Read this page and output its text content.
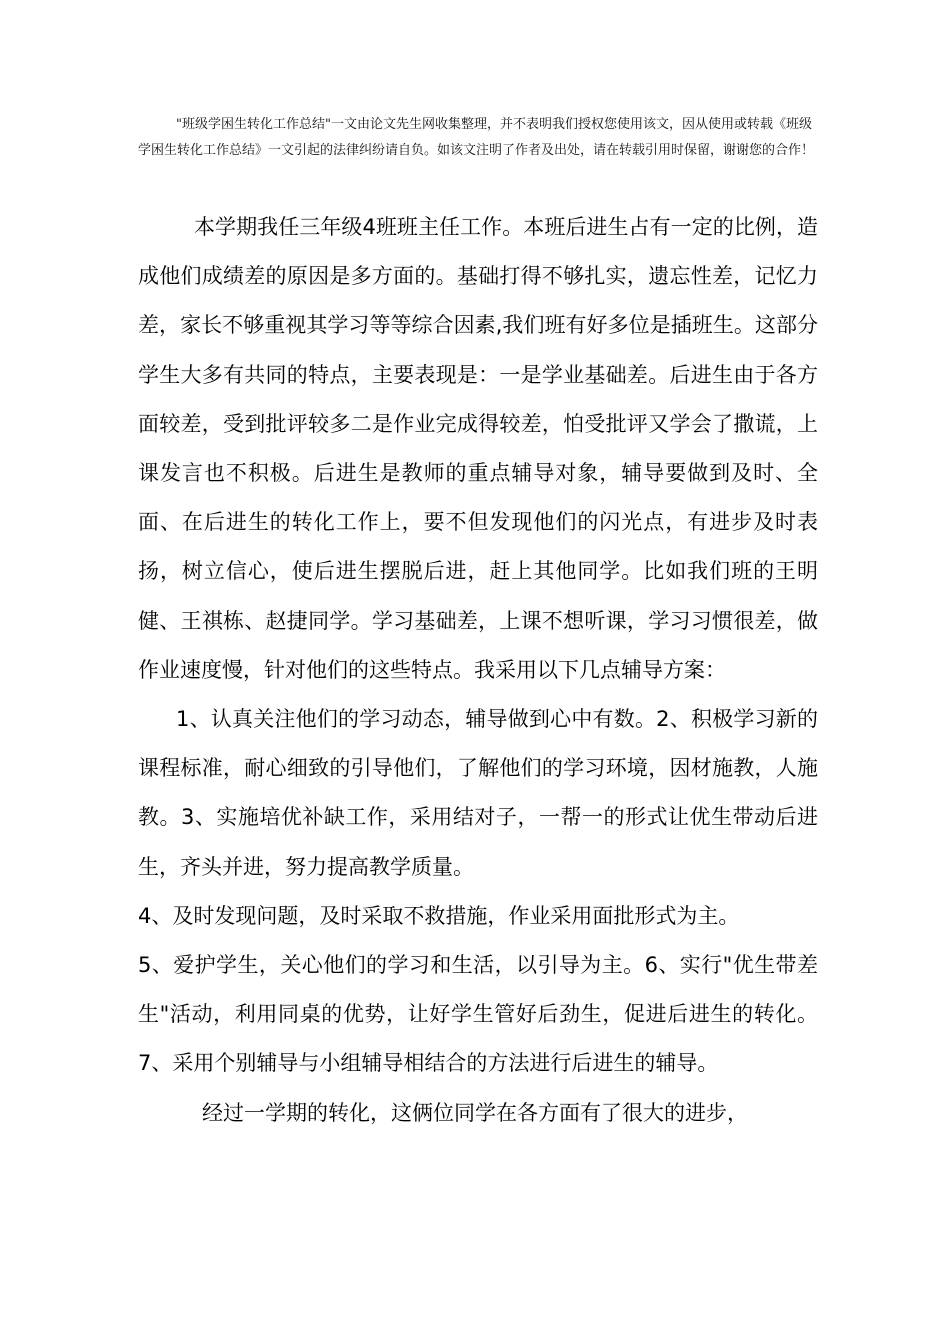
"班级学困生转化工作总结"一文由论文先生网收集整理，并不表明我们授权您使用该文，因从使用或转载《班级学困生转化工作总结》一文引起的法律纠纷请自负。如该文注明了作者及出处，请在转载引用时保留，谢谢您的合作！

本学期我任三年级4班班主任工作。本班后进生占有一定的比例，造成他们成绩差的原因是多方面的。基础打得不够扎实，遗忘性差，记忆力差，家长不够重视其学习等等综合因素,我们班有好多位是插班生。这部分学生大多有共同的特点，主要表现是：一是学业基础差。后进生由于各方面较差，受到批评较多二是作业完成得较差，怕受批评又学会了撒谎，上课发言也不积极。后进生是教师的重点辅导对象，辅导要做到及时、全面、在后进生的转化工作上，要不但发现他们的闪光点，有进步及时表扬，树立信心，使后进生摆脱后进，赶上其他同学。比如我们班的王明健、王祺栋、赵捷同学。学习基础差，上课不想听课，学习习惯很差，做作业速度慢，针对他们的这些特点。我采用以下几点辅导方案：

1、认真关注他们的学习动态，辅导做到心中有数。2、积极学习新的课程标准，耐心细致的引导他们，了解他们的学习环境，因材施教，人施教。3、实施培优补缺工作，采用结对子，一帮一的形式让优生带动后进生，齐头并进，努力提高教学质量。

4、及时发现问题，及时采取不救措施，作业采用面批形式为主。

5、爱护学生，关心他们的学习和生活，以引导为主。6、实行"优生带差生"活动，利用同桌的优势，让好学生管好后劲生，促进后进生的转化。7、采用个别辅导与小组辅导相结合的方法进行后进生的辅导。

经过一学期的转化，这俩位同学在各方面有了很大的进步，
